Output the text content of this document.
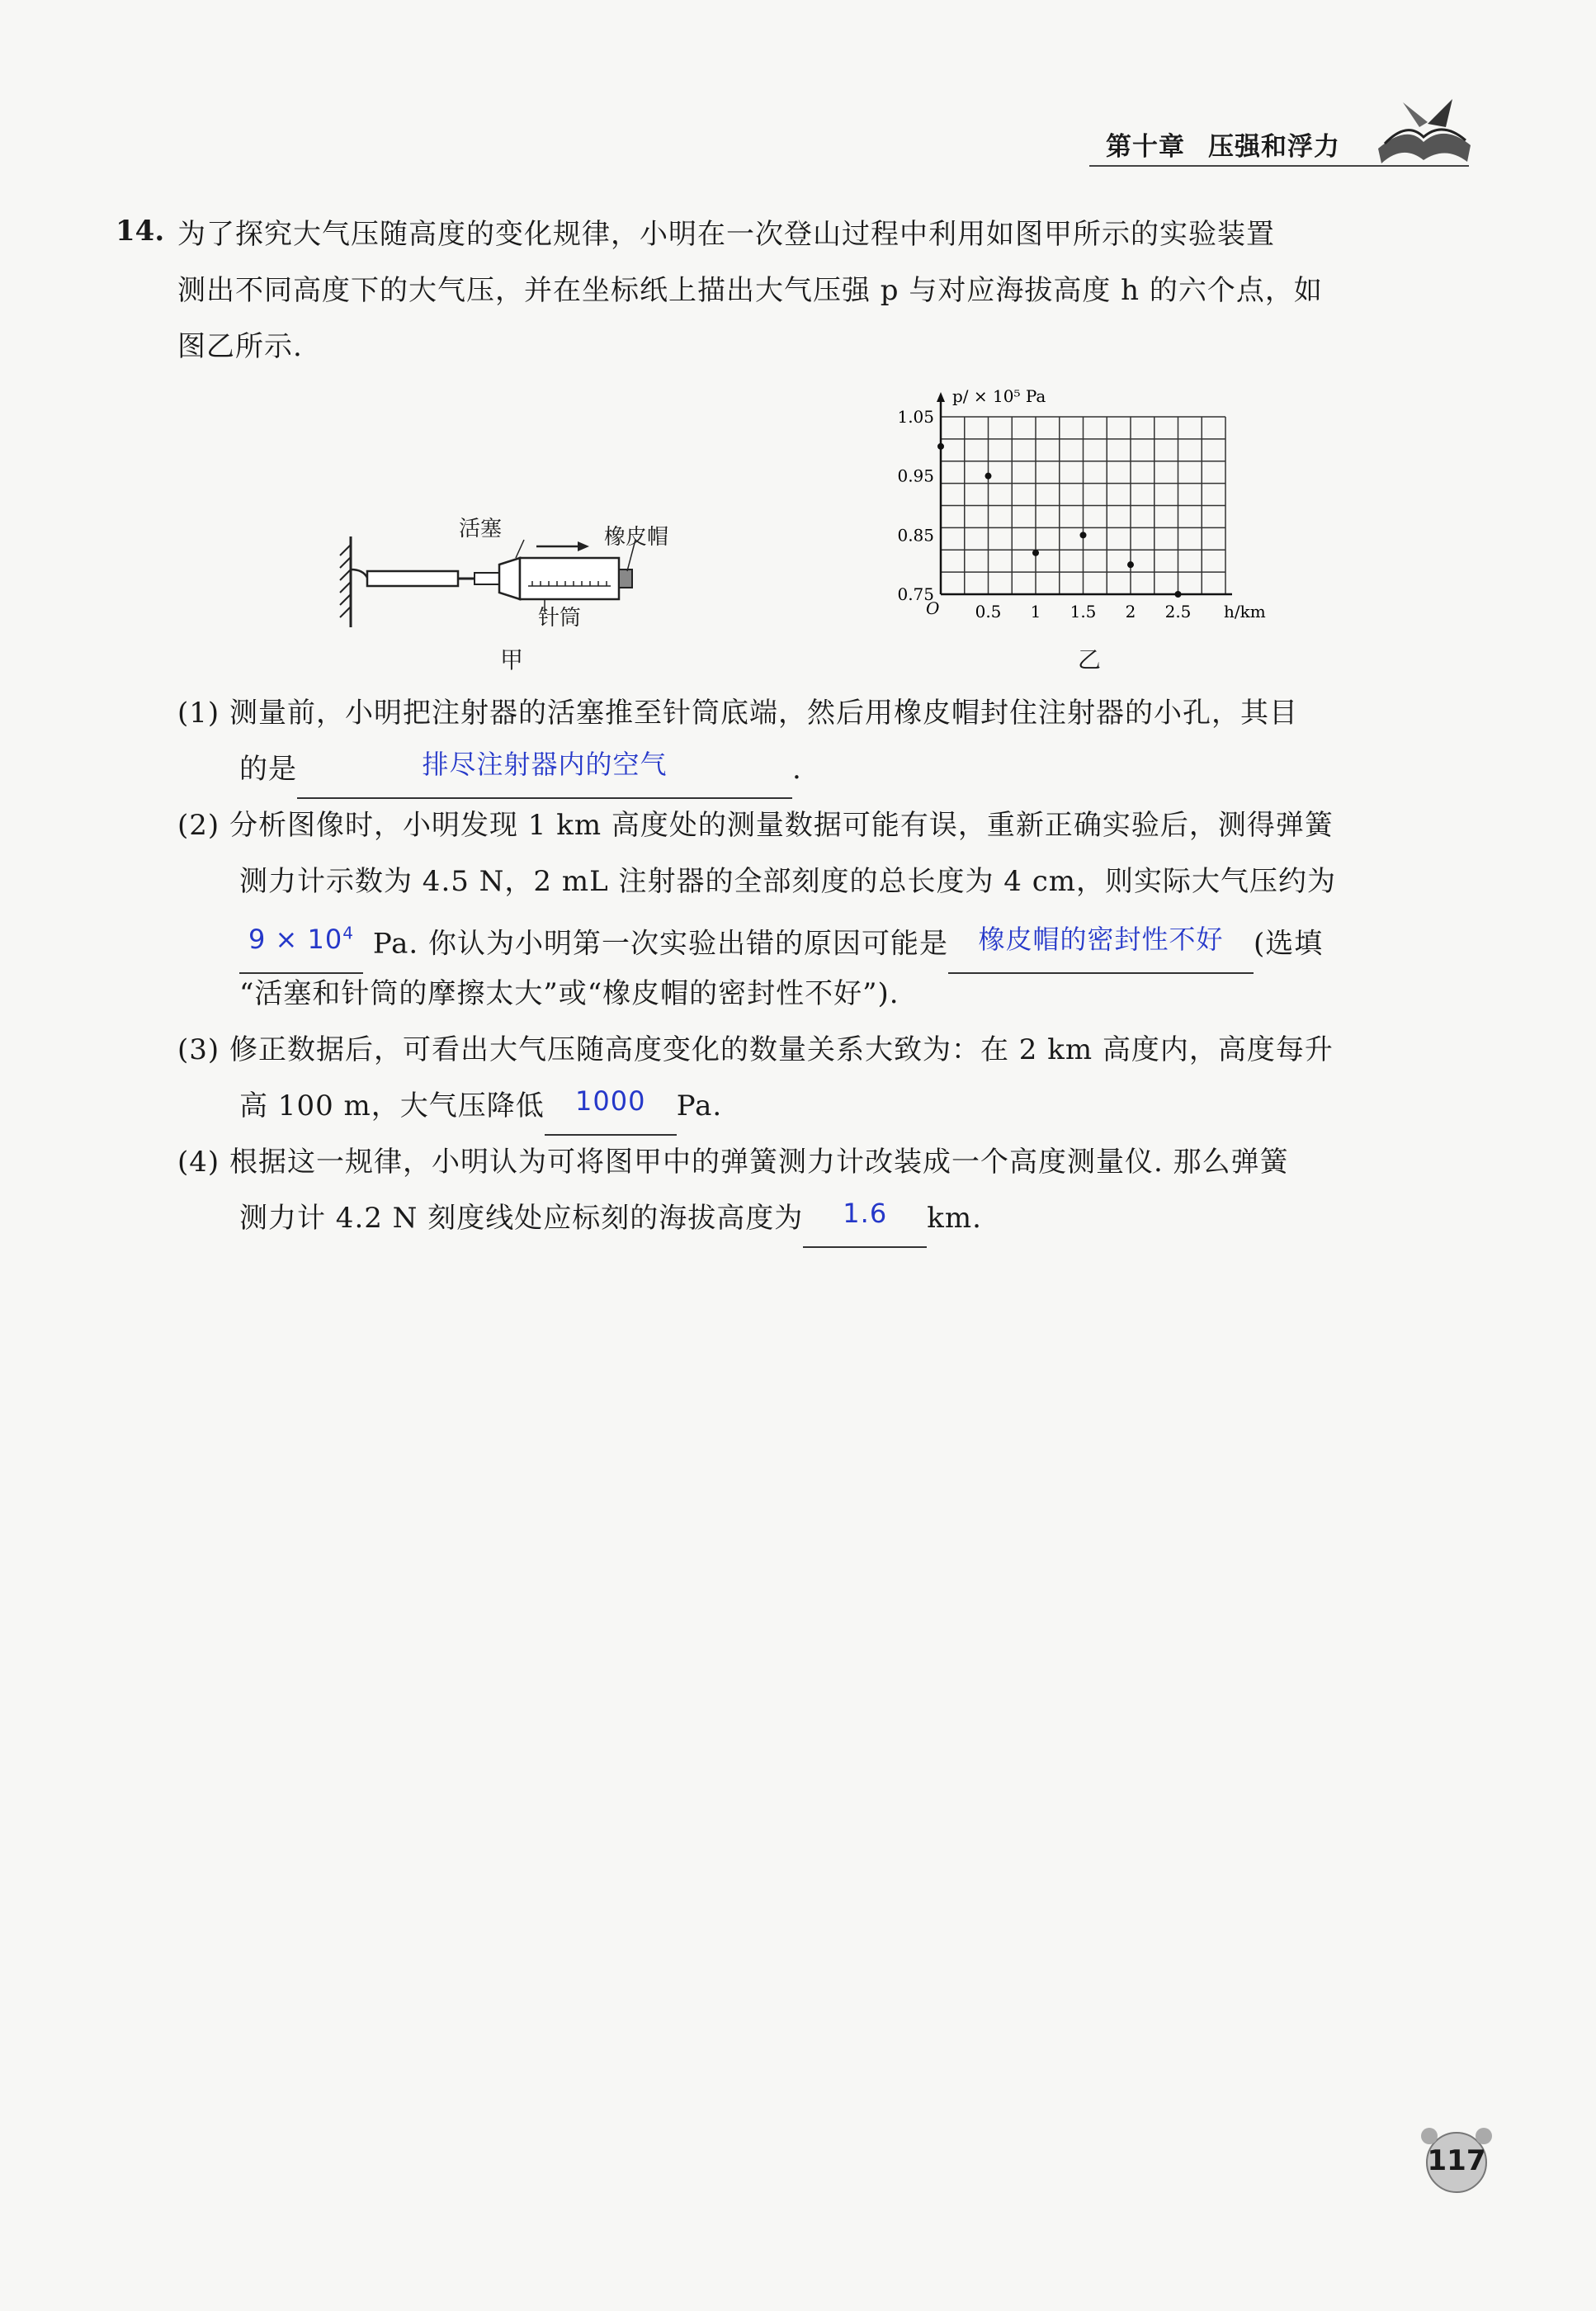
第十章 压强和浮力
14. 为了探究大气压随高度的变化规律，小明在一次登山过程中利用如图甲所示的实验装置
测出不同高度下的大气压，并在坐标纸上描出大气压强 p 与对应海拔高度 h 的六个点，如
图乙所示.
活塞	橡皮帽
针筒
甲
0.75
0.85
0.95
1.05
0.5 1 1.5 2 2.5
O
p/ × 10⁵ Pa
h/km
乙
(1) 测量前，小明把注射器的活塞推至针筒底端，然后用橡皮帽封住注射器的小孔，其目
的是	排尽注射器内的空气	.
(2) 分析图像时，小明发现 1 km 高度处的测量数据可能有误，重新正确实验后，测得弹簧
测力计示数为 4.5 N，2 mL 注射器的全部刻度的总长度为 4 cm，则实际大气压约为
$9 \times 10^4$ Pa. 你认为小明第一次实验出错的原因可能是 橡皮帽的密封性不好 (选填
“活塞和针筒的摩擦太大”或“橡皮帽的密封性不好”).
(3) 修正数据后，可看出大气压随高度变化的数量关系大致为：在 2 km 高度内，高度每升
高 100 m，大气压降低 1000 Pa.
(4) 根据这一规律，小明认为可将图甲中的弹簧测力计改装成一个高度测量仪. 那么弹簧
测力计 4.2 N 刻度线处应标刻的海拔高度为 1.6 km.
117
